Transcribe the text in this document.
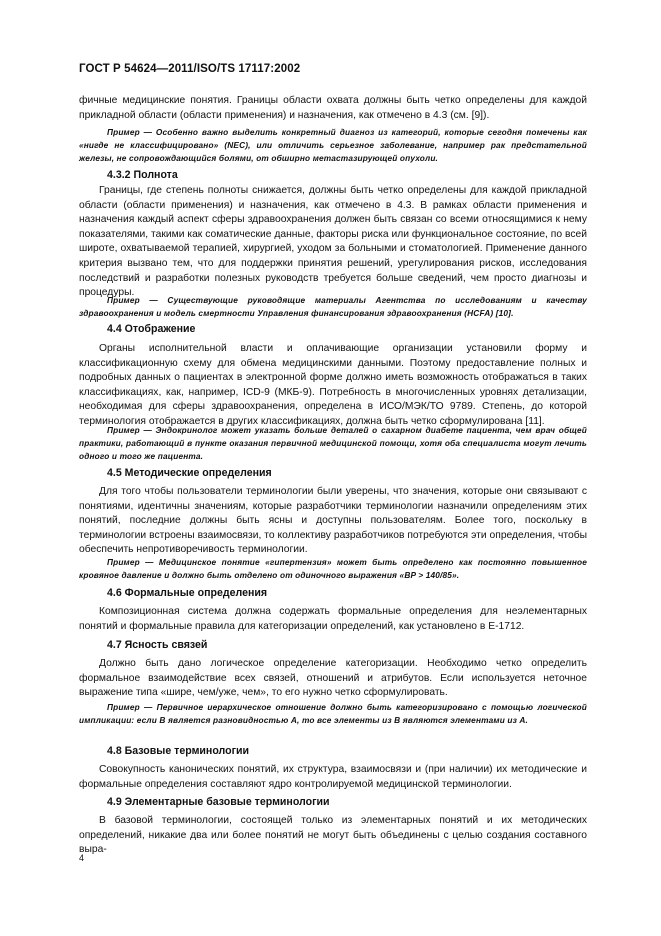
ГОСТ Р 54624—2011/ISO/TS 17117:2002

фичные медицинские понятия. Границы области охвата должны быть четко определены для каждой прикладной области (области применения) и назначения, как отмечено в 4.3 (см. [9]).

Пример — Особенно важно выделить конкретный диагноз из категорий, которые сегодня помечены как «нигде не классифицировано» (NEC), или отличить серьезное заболевание, например рак предстательной железы, не сопровождающийся болями, от обширно метастазирующей опухоли.

4.3.2 Полнота

Границы, где степень полноты снижается, должны быть четко определены для каждой прикладной области (области применения) и назначения, как отмечено в 4.3. В рамках области применения и назначения каждый аспект сферы здравоохранения должен быть связан со всеми относящимися к нему показателями, такими как соматические данные, факторы риска или функциональное состояние, по всей широте, охватываемой терапией, хирургией, уходом за больными и стоматологией. Применение данного критерия вызвано тем, что для поддержки принятия решений, урегулирования рисков, исследования последствий и разработки полезных руководств требуется больше сведений, чем просто диагнозы и процедуры.

Пример — Существующие руководящие материалы Агентства по исследованиям и качеству здравоохранения и модель смертности Управления финансирования здравоохранения (HCFA) [10].

4.4 Отображение

Органы исполнительной власти и оплачивающие организации установили форму и классификационную схему для обмена медицинскими данными. Поэтому предоставление полных и подробных данных о пациентах в электронной форме должно иметь возможность отображаться в таких классификациях, как, например, ICD-9 (МКБ-9). Потребность в многочисленных уровнях детализации, необходимая для сферы здравоохранения, определена в ИСО/МЭК/ТО 9789. Степень, до которой терминология отображается в других классификациях, должна быть четко сформулирована [11].

Пример — Эндокринолог может указать больше деталей о сахарном диабете пациента, чем врач общей практики, работающий в пункте оказания первичной медицинской помощи, хотя оба специалиста могут лечить одного и того же пациента.

4.5 Методические определения

Для того чтобы пользователи терминологии были уверены, что значения, которые они связывают с понятиями, идентичны значениям, которые разработчики терминологии назначили определениям этих понятий, последние должны быть ясны и доступны пользователям. Более того, поскольку в терминологии встроены взаимосвязи, то коллективу разработчиков потребуются эти определения, чтобы обеспечить непротиворечивость терминологии.

Пример — Медицинское понятие «гипертензия» может быть определено как постоянно повышенное кровяное давление и должно быть отделено от одиночного выражения «BP > 140/85».

4.6 Формальные определения

Композиционная система должна содержать формальные определения для неэлементарных понятий и формальные правила для категоризации определений, как установлено в Е-1712.

4.7 Ясность связей

Должно быть дано логическое определение категоризации. Необходимо четко определить формальное взаимодействие всех связей, отношений и атрибутов. Если используется неточное выражение типа «шире, чем/уже, чем», то его нужно четко сформулировать.

Пример — Первичное иерархическое отношение должно быть категоризировано с помощью логической импликации: если В является разновидностью А, то все элементы из В являются элементами из А.

4.8 Базовые терминологии

Совокупность канонических понятий, их структура, взаимосвязи и (при наличии) их методические и формальные определения составляют ядро контролируемой медицинской терминологии.

4.9 Элементарные базовые терминологии

В базовой терминологии, состоящей только из элементарных понятий и их методических определений, никакие два или более понятий не могут быть объединены с целью создания составного выра-

4
